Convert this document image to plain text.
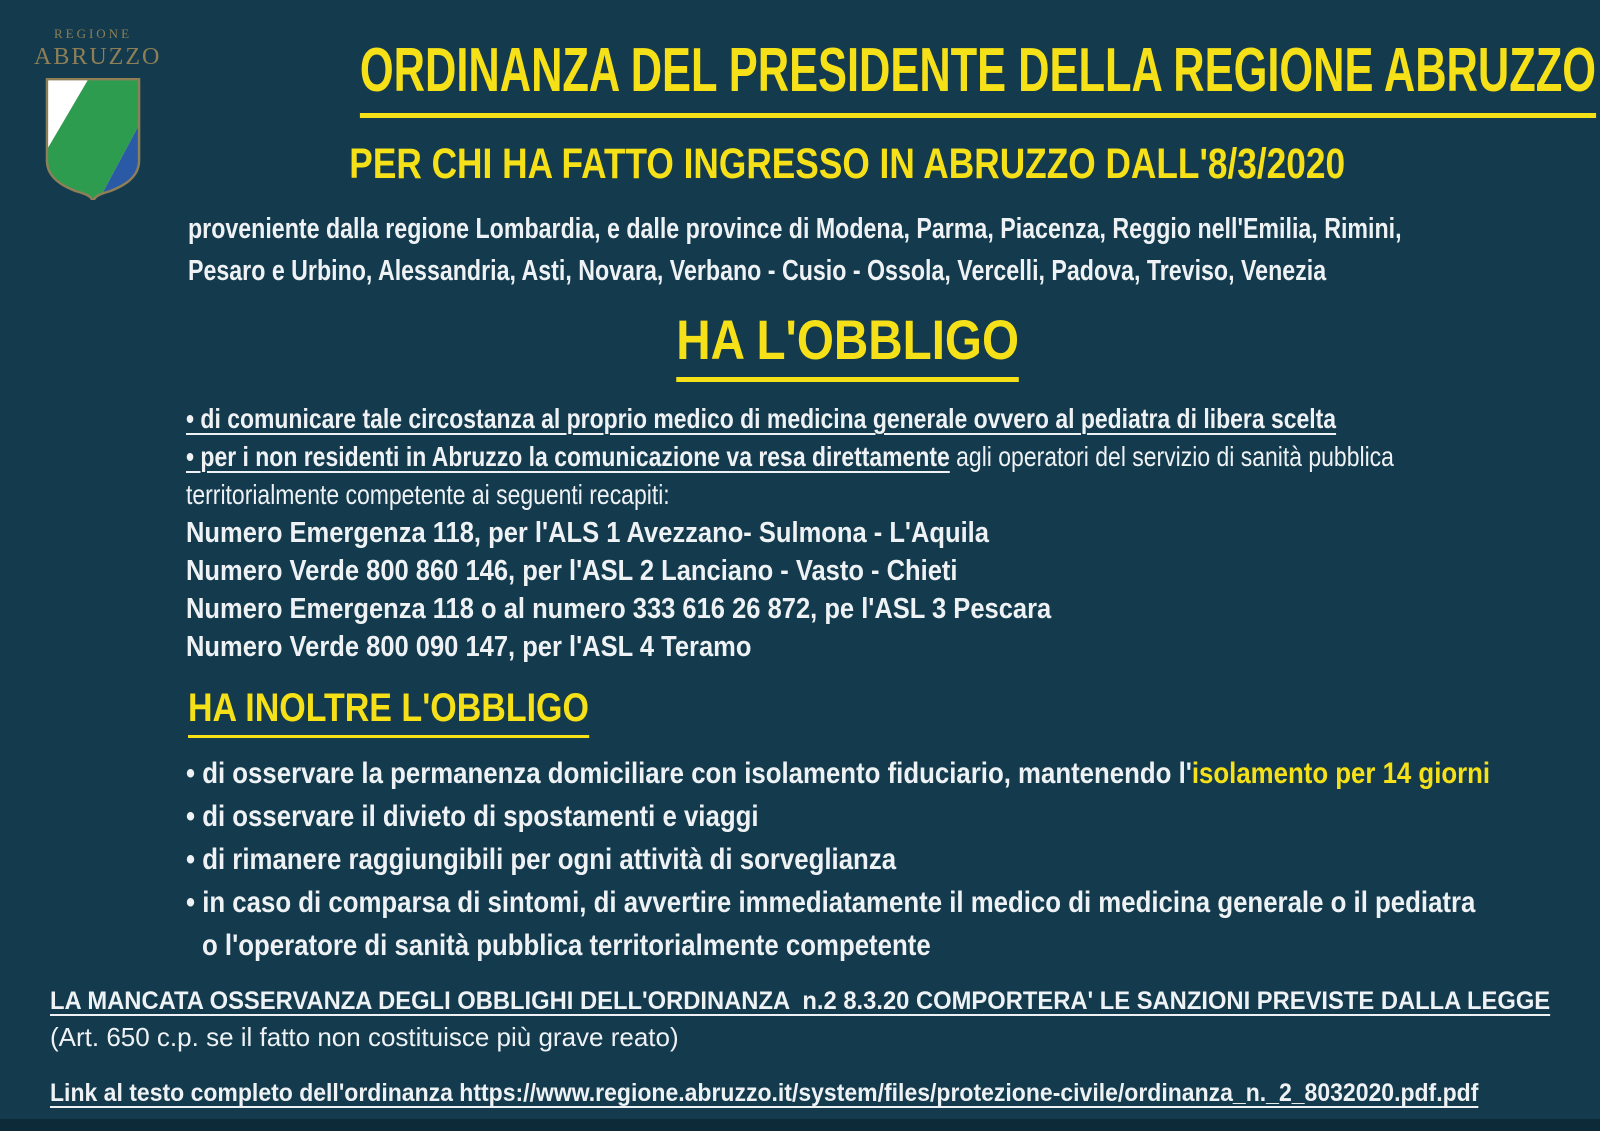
REGIONE
ABRUZZO	ORDINANZA DEL PRESIDENTE DELLA REGIONE ABRUZZO
PER CHI HA FATTO INGRESSO IN ABRUZZO DALL'8/3/2020
proveniente dalla regione Lombardia, e dalle province di Modena, Parma, Piacenza, Reggio nell'Emilia, Rimini,
Pesaro e Urbino, Alessandria, Asti, Novara, Verbano - Cusio - Ossola, Vercelli, Padova, Treviso, Venezia
HA L'OBBLIGO
• di comunicare tale circostanza al proprio medico di medicina generale ovvero al pediatra di libera scelta
• per i non residenti in Abruzzo la comunicazione va resa direttamente agli operatori del servizio di sanità pubblica
territorialmente competente ai seguenti recapiti:
Numero Emergenza 118, per l'ALS 1 Avezzano- Sulmona - L'Aquila
Numero Verde 800 860 146, per l'ASL 2 Lanciano - Vasto - Chieti
Numero Emergenza 118 o al numero 333 616 26 872, pe l'ASL 3 Pescara
Numero Verde 800 090 147, per l'ASL 4 Teramo
HA INOLTRE L'OBBLIGO
• di osservare la permanenza domiciliare con isolamento fiduciario, mantenendo l'isolamento per 14 giorni
• di osservare il divieto di spostamenti e viaggi
• di rimanere raggiungibili per ogni attività di sorveglianza
• in caso di comparsa di sintomi, di avvertire immediatamente il medico di medicina generale o il pediatra
o l'operatore di sanità pubblica territorialmente competente
LA MANCATA OSSERVANZA DEGLI OBBLIGHI DELL'ORDINANZA  n.2 8.3.20 COMPORTERA' LE SANZIONI PREVISTE DALLA LEGGE
(Art. 650 c.p. se il fatto non costituisce più grave reato)
Link al testo completo dell'ordinanza https://www.regione.abruzzo.it/system/files/protezione-civile/ordinanza_n._2_8032020.pdf.pdf
